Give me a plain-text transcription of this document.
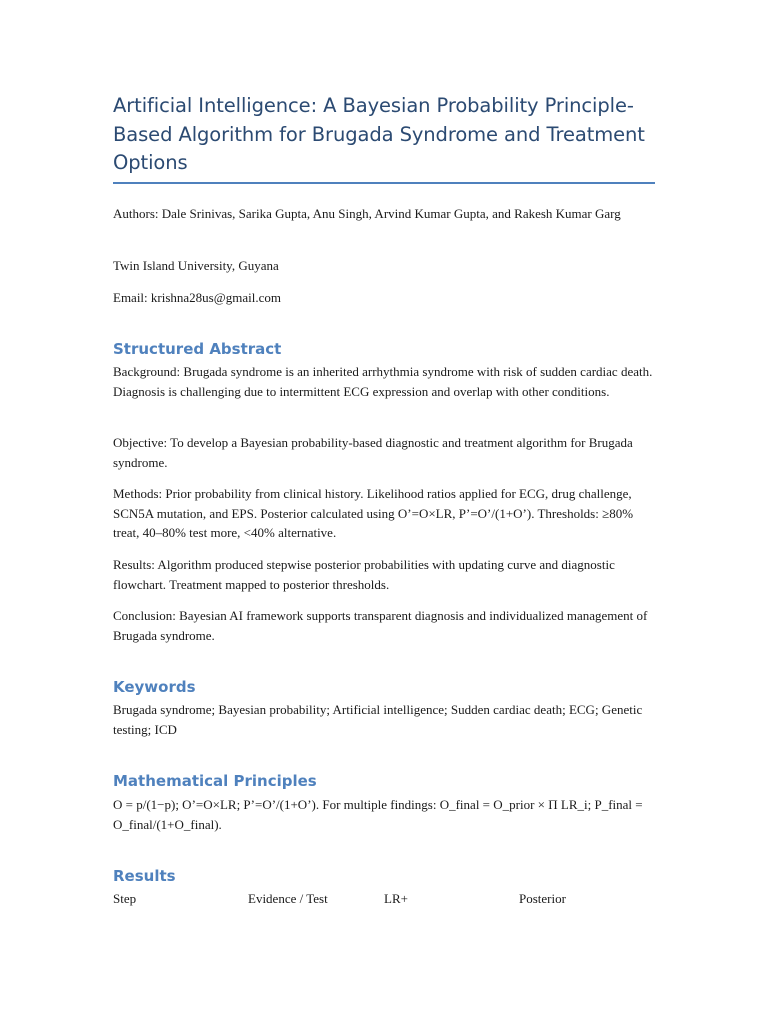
Artificial Intelligence: A Bayesian Probability Principle-Based Algorithm for Brugada Syndrome and Treatment Options

Authors: Dale Srinivas, Sarika Gupta, Anu Singh, Arvind Kumar Gupta, and Rakesh Kumar Garg

Twin Island University, Guyana

Email: krishna28us@gmail.com

Structured Abstract

Background: Brugada syndrome is an inherited arrhythmia syndrome with risk of sudden cardiac death. Diagnosis is challenging due to intermittent ECG expression and overlap with other conditions.

Objective: To develop a Bayesian probability-based diagnostic and treatment algorithm for Brugada syndrome.

Methods: Prior probability from clinical history. Likelihood ratios applied for ECG, drug challenge, SCN5A mutation, and EPS. Posterior calculated using O’=O×LR, P’=O’/(1+O’). Thresholds: ≥80% treat, 40–80% test more, <40% alternative.

Results: Algorithm produced stepwise posterior probabilities with updating curve and diagnostic flowchart. Treatment mapped to posterior thresholds.

Conclusion: Bayesian AI framework supports transparent diagnosis and individualized management of Brugada syndrome.

Keywords

Brugada syndrome; Bayesian probability; Artificial intelligence; Sudden cardiac death; ECG; Genetic testing; ICD

Mathematical Principles

O = p/(1−p); O’=O×LR; P’=O’/(1+O’). For multiple findings: O_final = O_prior × Π LR_i; P_final = O_final/(1+O_final).

Results
Step	Evidence / Test	LR+	Posterior
